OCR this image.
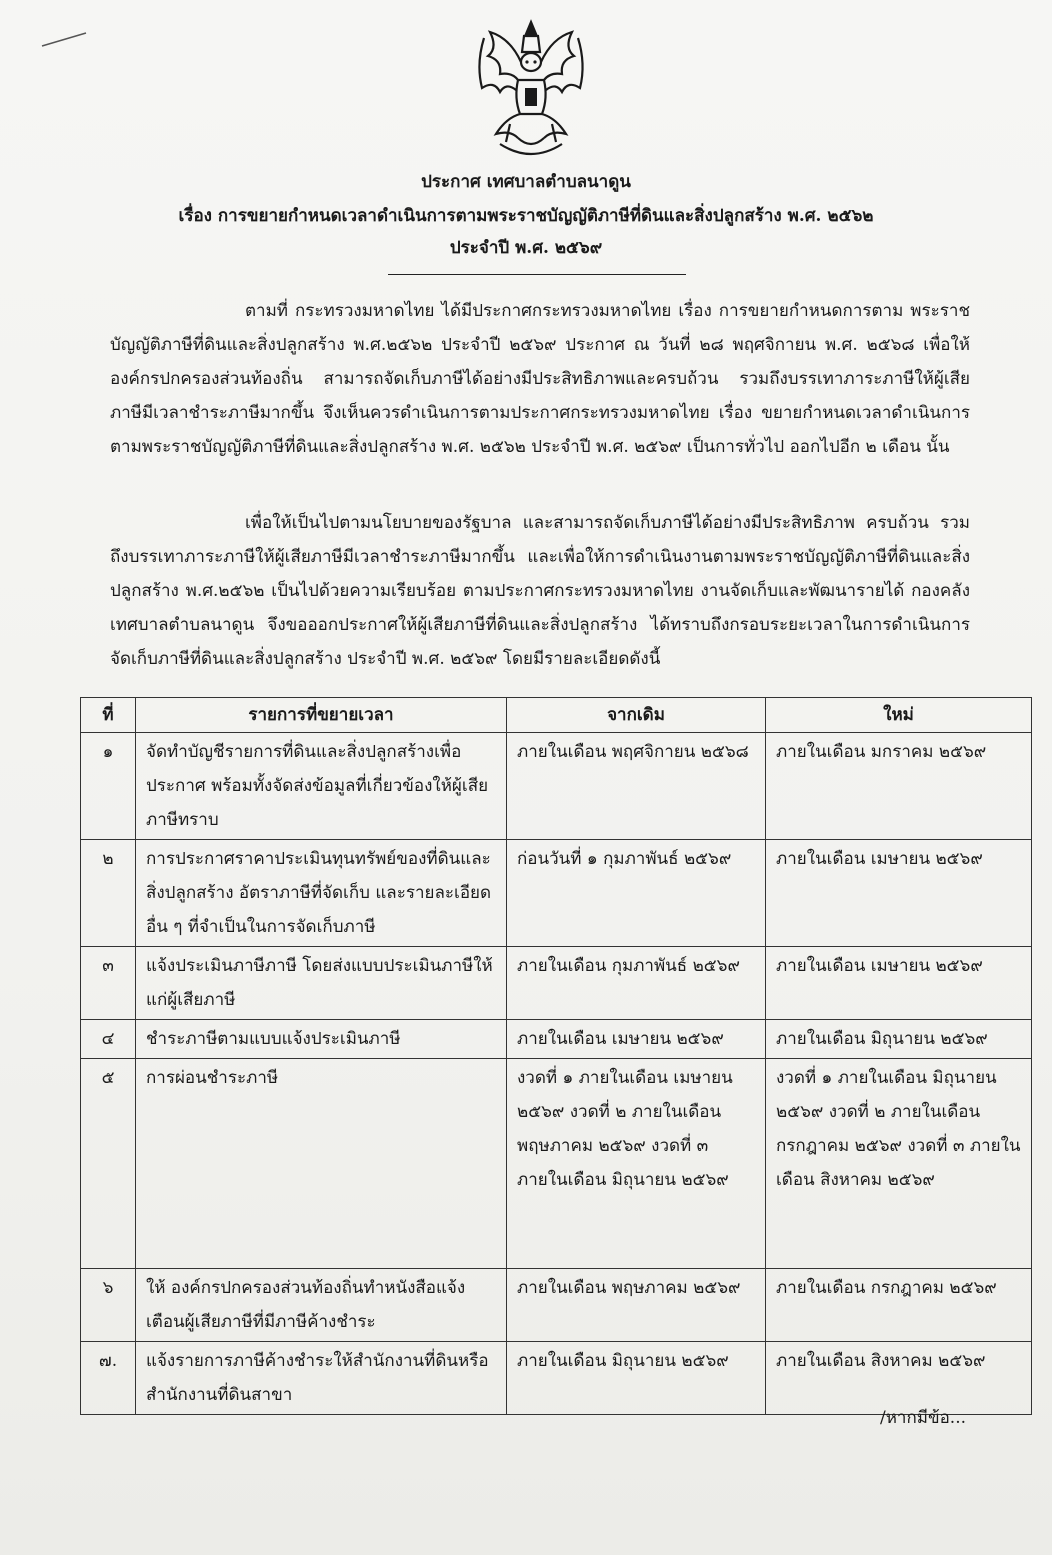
ประกาศ เทศบาลตำบลนาดูน
เรื่อง การขยายกำหนดเวลาดำเนินการตามพระราชบัญญัติภาษีที่ดินและสิ่งปลูกสร้าง พ.ศ. ๒๕๖๒
ประจำปี พ.ศ. ๒๕๖๙
ตามที่ กระทรวงมหาดไทย ได้มีประกาศกระทรวงมหาดไทย เรื่อง การขยายกำหนดการตาม พระราชบัญญัติภาษีที่ดินและสิ่งปลูกสร้าง พ.ศ.๒๕๖๒ ประจำปี ๒๕๖๙ ประกาศ ณ วันที่ ๒๘ พฤศจิกายน พ.ศ. ๒๕๖๘ เพื่อให้องค์กรปกครองส่วนท้องถิ่น สามารถจัดเก็บภาษีได้อย่างมีประสิทธิภาพและครบถ้วน รวมถึงบรรเทาภาระภาษีให้ผู้เสียภาษีมีเวลาชำระภาษีมากขึ้น จึงเห็นควรดำเนินการตามประกาศกระทรวงมหาดไทย เรื่อง ขยายกำหนดเวลาดำเนินการตามพระราชบัญญัติภาษีที่ดินและสิ่งปลูกสร้าง พ.ศ. ๒๕๖๒ ประจำปี พ.ศ. ๒๕๖๙ เป็นการทั่วไป ออกไปอีก ๒ เดือน นั้น
เพื่อให้เป็นไปตามนโยบายของรัฐบาล และสามารถจัดเก็บภาษีได้อย่างมีประสิทธิภาพ ครบถ้วน รวมถึงบรรเทาภาระภาษีให้ผู้เสียภาษีมีเวลาชำระภาษีมากขึ้น และเพื่อให้การดำเนินงานตามพระราชบัญญัติภาษีที่ดินและสิ่งปลูกสร้าง พ.ศ.๒๕๖๒ เป็นไปด้วยความเรียบร้อย ตามประกาศกระทรวงมหาดไทย งานจัดเก็บและพัฒนารายได้ กองคลัง เทศบาลตำบลนาดูน จึงขอออกประกาศให้ผู้เสียภาษีที่ดินและสิ่งปลูกสร้าง ได้ทราบถึงกรอบระยะเวลาในการดำเนินการจัดเก็บภาษีที่ดินและสิ่งปลูกสร้าง ประจำปี พ.ศ. ๒๕๖๙ โดยมีรายละเอียดดังนี้
ที่	รายการที่ขยายเวลา	จากเดิม	ใหม่
๑	จัดทำบัญชีรายการที่ดินและสิ่งปลูกสร้างเพื่อประกาศ พร้อมทั้งจัดส่งข้อมูลที่เกี่ยวข้องให้ผู้เสียภาษีทราบ	ภายในเดือน พฤศจิกายน ๒๕๖๘	ภายในเดือน มกราคม ๒๕๖๙
๒	การประกาศราคาประเมินทุนทรัพย์ของที่ดินและสิ่งปลูกสร้าง อัตราภาษีที่จัดเก็บ และรายละเอียดอื่น ๆ ที่จำเป็นในการจัดเก็บภาษี	ก่อนวันที่ ๑ กุมภาพันธ์ ๒๕๖๙	ภายในเดือน เมษายน ๒๕๖๙
๓	แจ้งประเมินภาษีภาษี โดยส่งแบบประเมินภาษีให้แก่ผู้เสียภาษี	ภายในเดือน กุมภาพันธ์ ๒๕๖๙	ภายในเดือน เมษายน ๒๕๖๙
๔	ชำระภาษีตามแบบแจ้งประเมินภาษี	ภายในเดือน เมษายน ๒๕๖๙	ภายในเดือน มิถุนายน ๒๕๖๙
๕	การผ่อนชำระภาษี	งวดที่ ๑ ภายในเดือน เมษายน ๒๕๖๙ งวดที่ ๒ ภายในเดือน พฤษภาคม ๒๕๖๙ งวดที่ ๓ ภายในเดือน มิถุนายน ๒๕๖๙	งวดที่ ๑ ภายในเดือน มิถุนายน ๒๕๖๙ งวดที่ ๒ ภายในเดือน กรกฎาคม ๒๕๖๙ งวดที่ ๓ ภายในเดือน สิงหาคม ๒๕๖๙
๖	ให้ องค์กรปกครองส่วนท้องถิ่นทำหนังสือแจ้งเตือนผู้เสียภาษีที่มีภาษีค้างชำระ	ภายในเดือน พฤษภาคม ๒๕๖๙	ภายในเดือน กรกฎาคม ๒๕๖๙
๗.	แจ้งรายการภาษีค้างชำระให้สำนักงานที่ดินหรือสำนักงานที่ดินสาขา	ภายในเดือน มิถุนายน ๒๕๖๙	ภายในเดือน สิงหาคม ๒๕๖๙
/หากมีข้อ...
